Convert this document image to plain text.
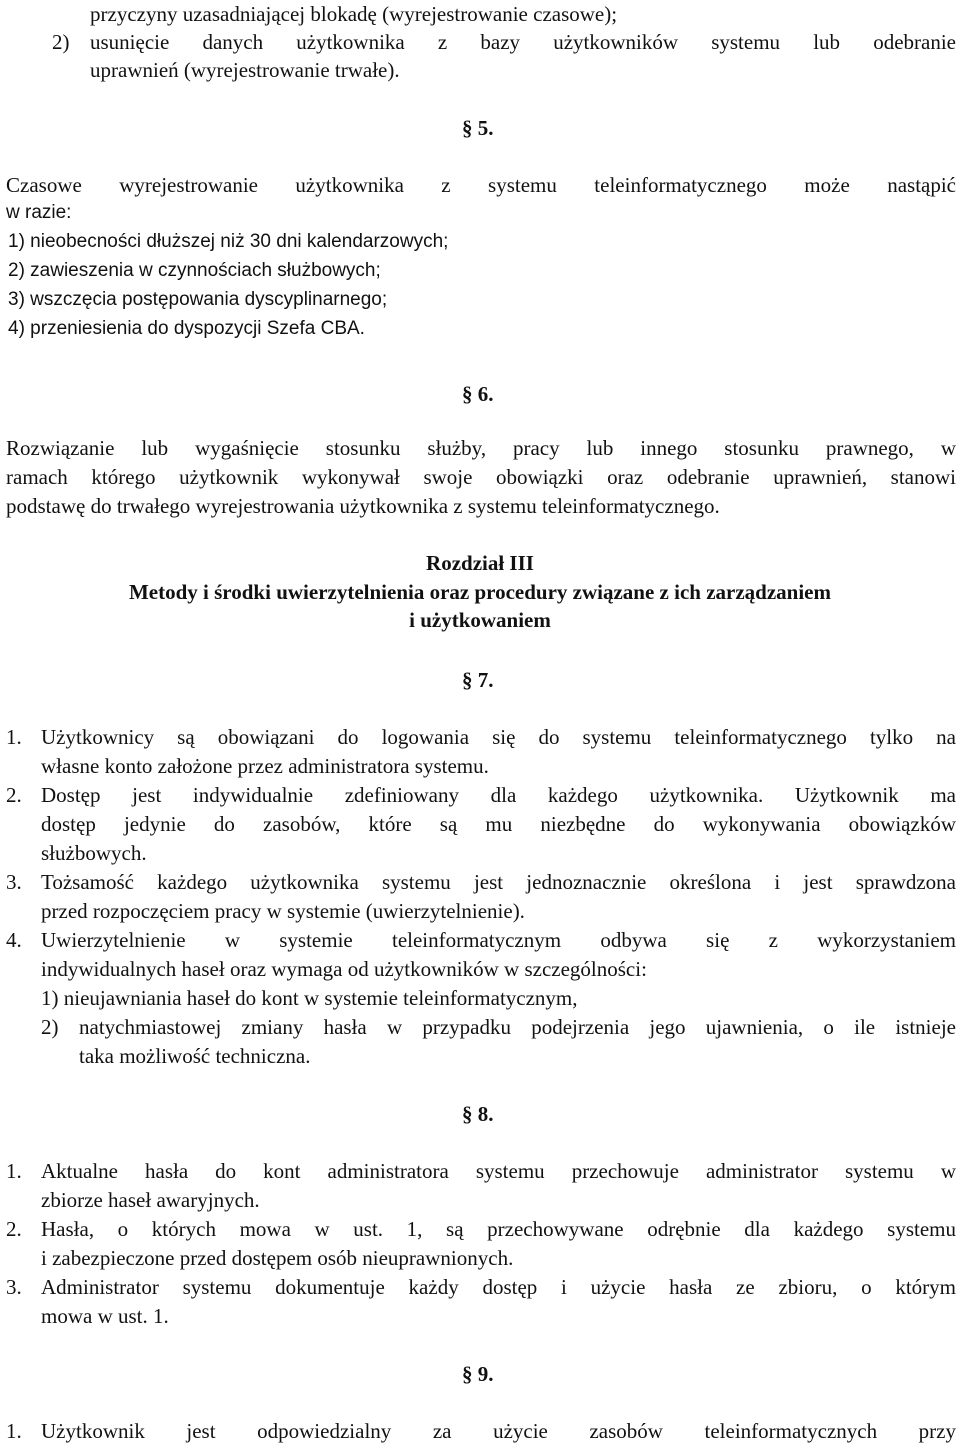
przyczyny uzasadniającej blokadę (wyrejestrowanie czasowe);
2) usunięcie danych użytkownika z bazy użytkowników systemu lub odebranie
uprawnień (wyrejestrowanie trwałe).
§ 5.
Czasowe wyrejestrowanie użytkownika z systemu teleinformatycznego może nastąpić
w razie:
1) nieobecności dłuższej niż 30 dni kalendarzowych;
2) zawieszenia w czynnościach służbowych;
3) wszczęcia postępowania dyscyplinarnego;
4) przeniesienia do dyspozycji Szefa CBA.
§ 6.
Rozwiązanie lub wygaśnięcie stosunku służby, pracy lub innego stosunku prawnego, w
ramach którego użytkownik wykonywał swoje obowiązki oraz odebranie uprawnień, stanowi
podstawę do trwałego wyrejestrowania użytkownika z systemu teleinformatycznego.
Rozdział III
Metody i środki uwierzytelnienia oraz procedury związane z ich zarządzaniem
i użytkowaniem
§ 7.
1. Użytkownicy są obowiązani do logowania się do systemu teleinformatycznego tylko na
własne konto założone przez administratora systemu.
2. Dostęp jest indywidualnie zdefiniowany dla każdego użytkownika. Użytkownik ma
dostęp jedynie do zasobów, które są mu niezbędne do wykonywania obowiązków
służbowych.
3. Tożsamość każdego użytkownika systemu jest jednoznacznie określona i jest sprawdzona
przed rozpoczęciem pracy w systemie (uwierzytelnienie).
4. Uwierzytelnienie w systemie teleinformatycznym odbywa się z wykorzystaniem
indywidualnych haseł oraz wymaga od użytkowników w szczególności:
1) nieujawniania haseł do kont w systemie teleinformatycznym,
2) natychmiastowej zmiany hasła w przypadku podejrzenia jego ujawnienia, o ile istnieje
taka możliwość techniczna.
§ 8.
1. Aktualne hasła do kont administratora systemu przechowuje administrator systemu w
zbiorze haseł awaryjnych.
2. Hasła, o których mowa w ust. 1, są przechowywane odrębnie dla każdego systemu
i zabezpieczone przed dostępem osób nieuprawnionych.
3. Administrator systemu dokumentuje każdy dostęp i użycie hasła ze zbioru, o którym
mowa w ust. 1.
§ 9.
1. Użytkownik jest odpowiedzialny za użycie zasobów teleinformatycznych przy
